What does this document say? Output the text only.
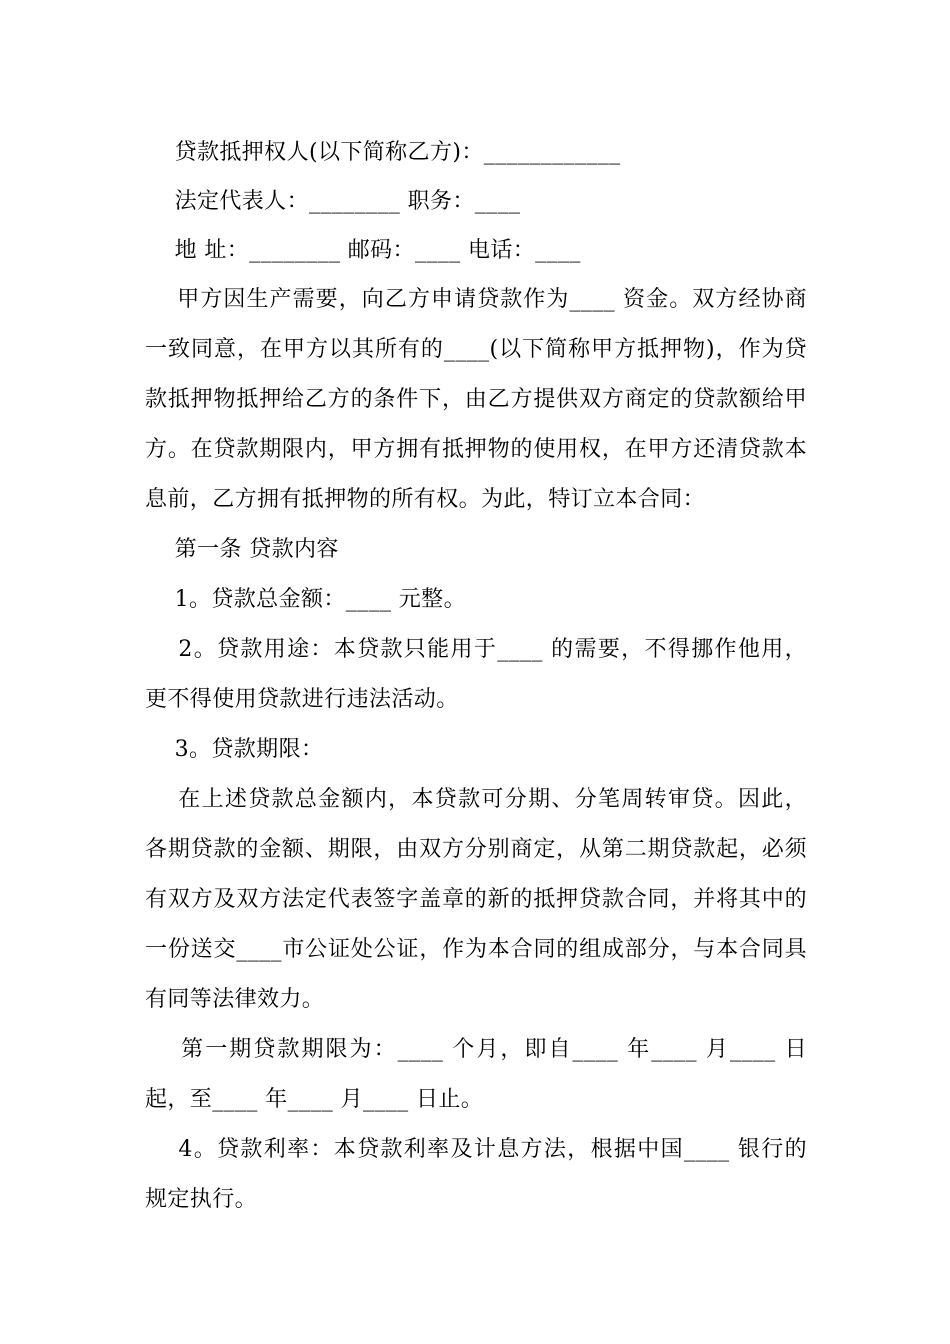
贷款抵押权人(以下简称乙方)：____________
法定代表人：________ 职务：____
地 址：________ 邮码：____ 电话：____
甲方因生产需要，向乙方申请贷款作为____ 资金。双方经协商
一致同意，在甲方以其所有的____(以下简称甲方抵押物)，作为贷
款抵押物抵押给乙方的条件下，由乙方提供双方商定的贷款额给甲
方。在贷款期限内，甲方拥有抵押物的使用权，在甲方还清贷款本
息前，乙方拥有抵押物的所有权。为此，特订立本合同：
第一条 贷款内容
1。贷款总金额：____ 元整。
2。贷款用途：本贷款只能用于____ 的需要，不得挪作他用，
更不得使用贷款进行违法活动。
3。贷款期限：
在上述贷款总金额内，本贷款可分期、分笔周转审贷。因此，
各期贷款的金额、期限，由双方分别商定，从第二期贷款起，必须
有双方及双方法定代表签字盖章的新的抵押贷款合同，并将其中的
一份送交____市公证处公证，作为本合同的组成部分，与本合同具
有同等法律效力。
第一期贷款期限为：____ 个月，即自____ 年____ 月____ 日
起，至____ 年____ 月____ 日止。
4。贷款利率：本贷款利率及计息方法，根据中国____ 银行的
规定执行。
